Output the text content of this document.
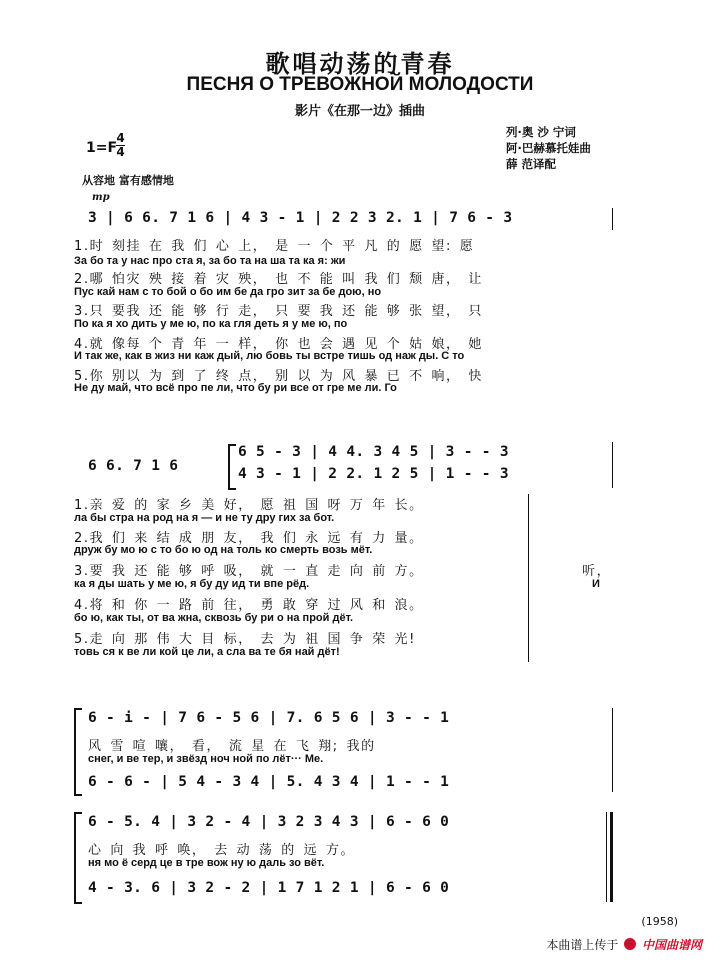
歌唱动荡的青春
ПЕСНЯ О ТРЕВОЖНОЙ МОЛОДОСТИ
影片《在那一边》插曲
1=F
4
4
列·奥 沙 宁词
阿·巴赫慕托娃曲
薛 范译配
从容地 富有感情地
mp
3 | 6 6. 7 1 6 | 4 3 - 1 | 2 2 3 2. 1 | 7 6 - 3
1.时 刻挂 在 我 们 心 上， 是 一 个 平 凡 的 愿 望: 愿
За бо та у нас про ста я, за бо та на ша та ка я: жи
2.哪 怕灾 殃 接 着 灾 殃， 也 不 能 叫 我 们 颓 唐， 让
Пус кай нам с то бой о бо им бе да гро зит за бе дою, но
3.只 要我 还 能 够 行 走， 只 要 我 还 能 够 张 望， 只
По ка я хо дить у ме ю, по ка гля деть я у ме ю, по
4.就 像每 个 青 年 一 样， 你 也 会 遇 见 个 姑 娘， 她
И так же, как в жиз ни каж дый, лю бовь ты встре тишь од наж ды. С то
5.你 别以 为 到 了 终 点， 别 以 为 风 暴 已 不 响， 快
Не ду май, что всё про пе ли, что бу ри все от гре ме ли. Го
6 6. 7 1 6
6 5 - 3 | 4 4. 3 4 5 | 3 - - 3
4 3 - 1 | 2 2. 1 2 5 | 1 - - 3
1.亲 爱 的 家 乡 美 好， 愿 祖 国 呀 万 年 长。
ла бы стра на род на я — и не ту дру гих за бот.
2.我 们 来 结 成 朋 友， 我 们 永 远 有 力 量。
друж бу мо ю с то бо ю од на толь ко смерть возь мёт.
3.要 我 还 能 够 呼 吸， 就 一 直 走 向 前 方。
ка я ды шать у ме ю, я бу ду ид ти впе рёд.
4.将 和 你 一 路 前 往， 勇 敢 穿 过 风 和 浪。
бо ю, как ты, от ва жна, сквозь бу ри о на прой дёт.
5.走 向 那 伟 大 目 标， 去 为 祖 国 争 荣 光!
товь ся к ве ли кой це ли, а сла ва те бя най дёт!
听，
И
6 - i - | 7 6 - 5 6 | 7. 6 5 6 | 3 - - 1
风 雪 喧 嚷， 看， 流 星 在 飞 翔; 我的
снег, и ве тер, и звёзд ноч ной по лёт··· Ме.
6 - 6 - | 5 4 - 3 4 | 5. 4 3 4 | 1 - - 1
6 - 5. 4 | 3 2 - 4 | 3 2 3 4 3 | 6 - 6 0
心 向 我 呼 唤， 去 动 荡 的 远 方。
ня мо ё серд це в тре вож ну ю даль зо вёт.
4 - 3. 6 | 3 2 - 2 | 1 7 1 2 1 | 6 - 6 0
(1958)
本曲谱上传于 中国曲谱网
